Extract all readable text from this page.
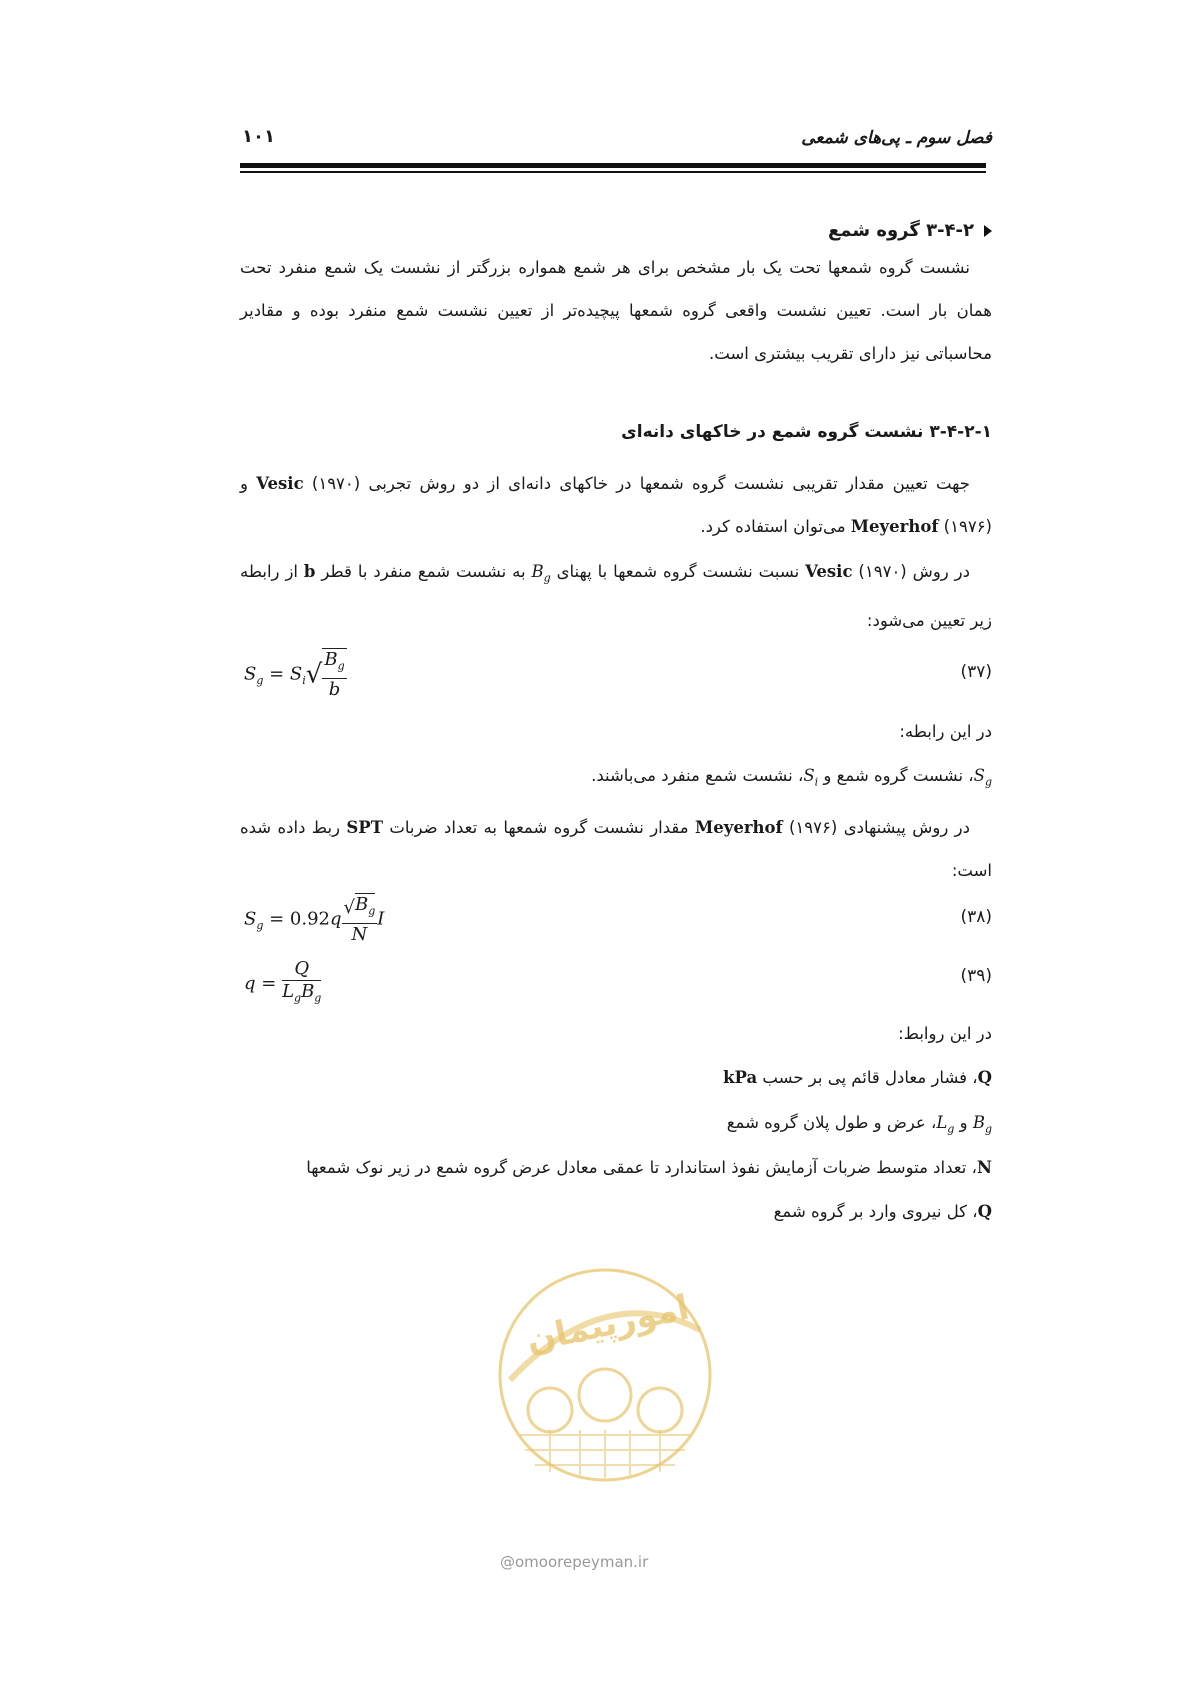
فصل سوم ـ پی‌های شمعی
۱۰۱
۳-۴-۲ گروه شمع
نشست گروه شمعها تحت یک بار مشخص برای هر شمع همواره بزرگتر از نشست یک شمع منفرد تحت همان بار است. تعیین نشست واقعی گروه شمعها پیچیده‌تر از تعیین نشست شمع منفرد بوده و مقادیر محاسباتی نیز دارای تقریب بیشتری است.
۳-۴-۲-۱ نشست گروه شمع در خاکهای دانه‌ای
جهت تعیین مقدار تقریبی نشست گروه شمعها در خاکهای دانه‌ای از دو روش تجربی Vesic (۱۹۷۰) و Meyerhof (۱۹۷۶) می‌توان استفاده کرد.
در روش Vesic (۱۹۷۰) نسبت نشست گروه شمعها با پهنای $B_g$ به نشست شمع منفرد با قطر b از رابطه زیر تعیین می‌شود:
$S_g = S_i√ \frac{B_g}{b}$	(۳۷)
در این رابطه:
$S_g،$ نشست گروه شمع و $S_i،$ نشست شمع منفرد می‌باشند.
در روش پیشنهادی Meyerhof (۱۹۷۶) مقدار نشست گروه شمعها به تعداد ضربات SPT ربط داده شده است:
$S_g = 0.92q \frac{√B_g}{N}$ I	(۳۸)
$q = \frac{Q}{L_gB_g}$	(۳۹)
در این روابط:
Q، فشار معادل قائم پی بر حسب kPa
$B_g$ و $L_g،$ عرض و طول پلان گروه شمع
N، تعداد متوسط ضربات آزمایش نفوذ استاندارد تا عمقی معادل عرض گروه شمع در زیر نوک شمعها
Q، کل نیروی وارد بر گروه شمع
امورپیمان
@omoorepeyman.ir
